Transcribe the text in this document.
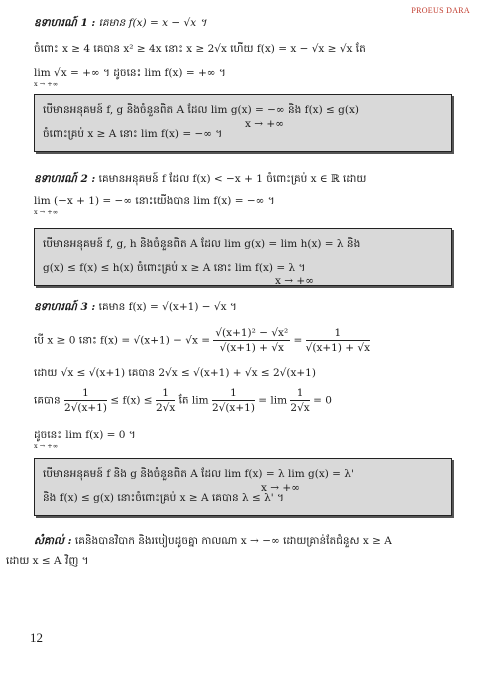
PROEUS DARA
ឧទាហរណ៍ 1 : គេមាន f(x) = x − √x ។
ចំពោះ x ≥ 4 គេបាន x² ≥ 4x នោះ x ≥ 2√x ហើយ f(x) = x − √x ≥ √x តែ
lim √x = +∞ ។ ដូចនេះ lim f(x) = +∞ ។
x → +∞
បើមានអនុគមន៍ f, g និងចំនួនពិត A ដែល lim g(x) = −∞ និង f(x) ≤ g(x)
x → +∞
ចំពោះគ្រប់ x ≥ A នោះ lim f(x) = −∞ ។
ឧទាហរណ៍ 2 : គេមានអនុគមន៍ f ដែល f(x) < −x + 1 ចំពោះគ្រប់ x ∈ ℝ ដោយ
lim (−x + 1) = −∞ នោះយើងបាន lim f(x) = −∞ ។
x → +∞
បើមានអនុគមន៍ f, g, h និងចំនួនពិត A ដែល lim g(x) = lim h(x) = λ និង
g(x) ≤ f(x) ≤ h(x) ចំពោះគ្រប់ x ≥ A នោះ lim f(x) = λ ។
x → +∞
ឧទាហរណ៍ 3 : គេមាន f(x) = √(x+1) − √x ។
បើ x ≥ 0 នោះ $f(x) = √(x+1) - √x = \frac{\text{√(x+1)² − √x²}}{√(x+1) + √x} = \frac{1}{√(x+1) + √x}$
ដោយ √x ≤ √(x+1) គេបាន 2√x ≤ √(x+1) + √x ≤ 2√(x+1)
គេបាន $\frac{1}{2√(x+1)} \le f(x) \le \frac{1}{2√x}$ តែ $\lim \frac{1}{2√(x+1)} = \lim \frac{1}{2√x} = 0$
ដូចនេះ lim f(x) = 0 ។
x → +∞
បើមានអនុគមន៍ f និង g និងចំនួនពិត A ដែល lim f(x) = λ lim g(x) = λ'
x → +∞
និង f(x) ≤ g(x) នោះចំពោះគ្រប់ x ≥ A គេបាន λ ≤ λ' ។
សំគាល់ : គេនិងបានវិបាក និងរបៀបដូចគ្នា កាលណា x → −∞ ដោយគ្រាន់តែជំនួស x ≥ A
ដោយ x ≤ A វិញ ។
12
